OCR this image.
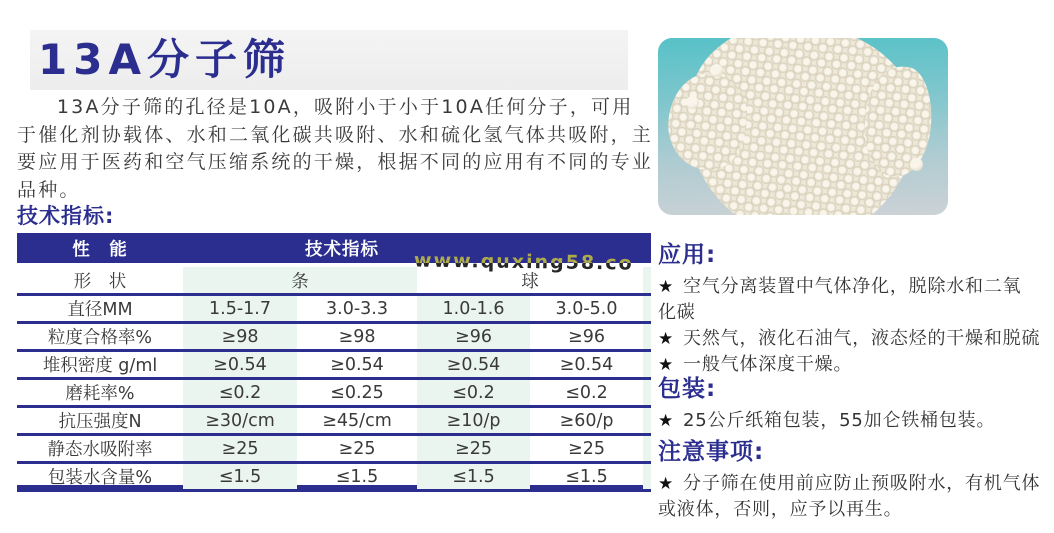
13A分子筛

13A分子筛的孔径是10A，吸附小于小于10A任何分子，可用于催化剂协载体、水和二氧化碳共吸附、水和硫化氢气体共吸附，主要应用于医药和空气压缩系统的干燥，根据不同的应用有不同的专业品种。

技术指标:
www.quxing58.co
性　能	技术指标
形　状	条	球
直径MM	1.5-1.7	3.0-3.3	1.0-1.6	3.0-5.0
粒度合格率%	≥98	≥98	≥96	≥96
堆积密度 g/ml	≥0.54	≥0.54	≥0.54	≥0.54
磨耗率%	≤0.2	≤0.25	≤0.2	≤0.2
抗压强度N	≥30/cm	≥45/cm	≥10/p	≥60/p
静态水吸附率	≥25	≥25	≥25	≥25
包装水含量%	≤1.5	≤1.5	≤1.5	≤1.5
应用:
★ 空气分离装置中气体净化，脱除水和二氧
化碳
★ 天然气，液化石油气，液态烃的干燥和脱硫
★ 一般气体深度干燥。
包装:
★ 25公斤纸箱包装，55加仑铁桶包装。
注意事项:
★ 分子筛在使用前应防止预吸附水，有机气体
或液体，否则，应予以再生。
